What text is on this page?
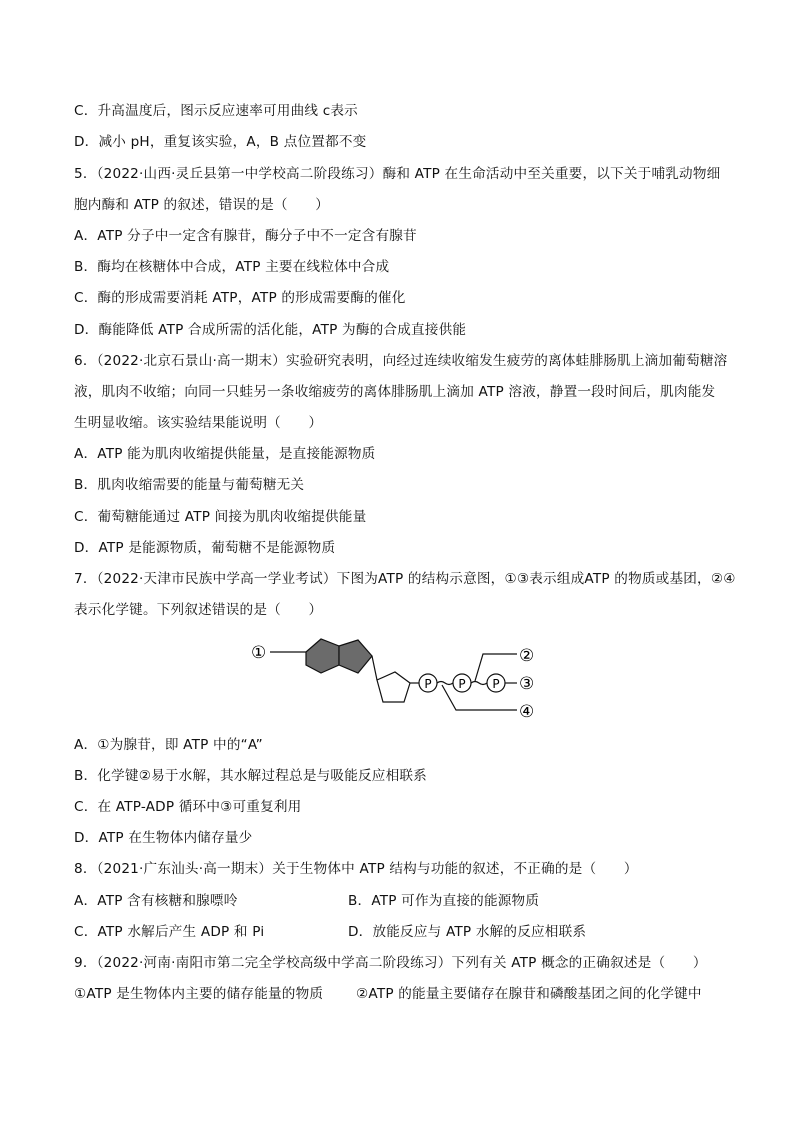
C．升高温度后，图示反应速率可用曲线 c表示
D．减小 pH，重复该实验，A，B 点位置都不变
5．（2022·山西·灵丘县第一中学校高二阶段练习）酶和 ATP 在生命活动中至关重要，以下关于哺乳动物细
胞内酶和 ATP 的叙述，错误的是（　　）
A．ATP 分子中一定含有腺苷，酶分子中不一定含有腺苷
B．酶均在核糖体中合成，ATP 主要在线粒体中合成
C．酶的形成需要消耗 ATP，ATP 的形成需要酶的催化
D．酶能降低 ATP 合成所需的活化能，ATP 为酶的合成直接供能
6．（2022·北京石景山·高一期末）实验研究表明，向经过连续收缩发生疲劳的离体蛙腓肠肌上滴加葡萄糖溶
液，肌肉不收缩；向同一只蛙另一条收缩疲劳的离体腓肠肌上滴加 ATP 溶液，静置一段时间后，肌肉能发
生明显收缩。该实验结果能说明（　　）
A．ATP 能为肌肉收缩提供能量，是直接能源物质
B．肌肉收缩需要的能量与葡萄糖无关
C．葡萄糖能通过 ATP 间接为肌肉收缩提供能量
D．ATP 是能源物质，葡萄糖不是能源物质
7．（2022·天津市民族中学高一学业考试）下图为ATP 的结构示意图，①③表示组成ATP 的物质或基团，②④
表示化学键。下列叙述错误的是（　　）
①
P P P ③
②
④
A．①为腺苷，即 ATP 中的“A”
B．化学键②易于水解，其水解过程总是与吸能反应相联系
C．在 ATP-ADP 循环中③可重复利用
D．ATP 在生物体内储存量少
8．（2021·广东汕头·高一期末）关于生物体中 ATP 结构与功能的叙述，不正确的是（　　）
A．ATP 含有核糖和腺嘌呤	B．ATP 可作为直接的能源物质
C．ATP 水解后产生 ADP 和 Pi	D．放能反应与 ATP 水解的反应相联系
9．（2022·河南·南阳市第二完全学校高级中学高二阶段练习）下列有关 ATP 概念的正确叙述是（　　）
①ATP 是生物体内主要的储存能量的物质 ②ATP 的能量主要储存在腺苷和磷酸基团之间的化学键中
